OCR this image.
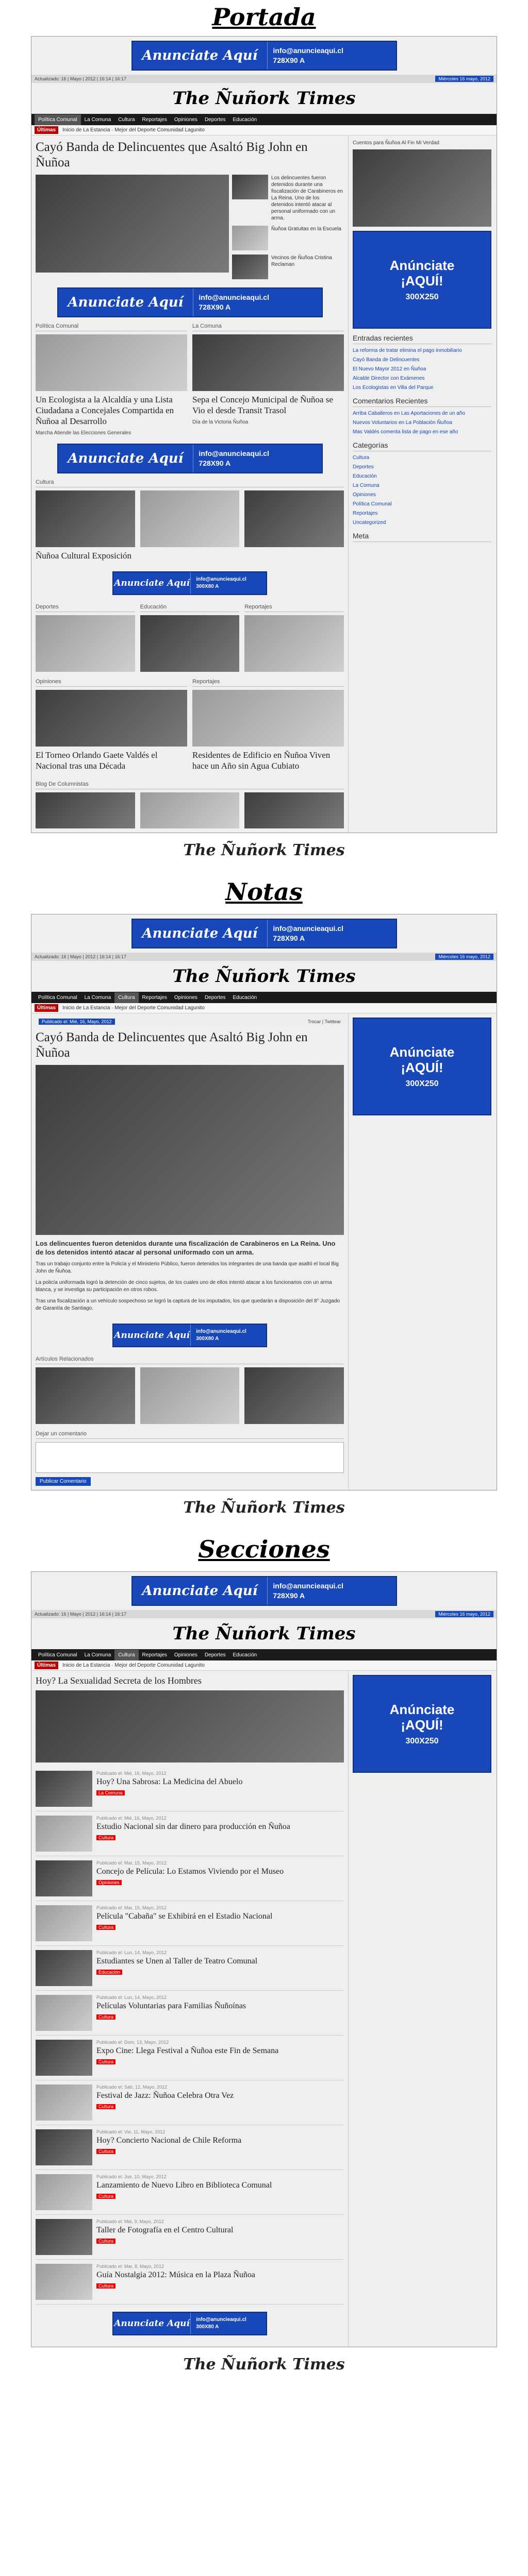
Portada
Anunciate Aquí	info@anuncieaqui.cl
728X90 A
Actualizado: 16 | Mayo | 2012 | 16:14 | 16:17	Miércoles 16 mayo, 2012
The Ñuñork Times
Política Comunal	La Comuna	Cultura	Reportajes	Opiniones	Deportes	Educación
Últimas	Inicio de La Estancia · Mejor del Deporte Comunidad Lagunito
Cayó Banda de Delincuentes que Asaltó Big John en Ñuñoa
Los delincuentes fueron detenidos durante una fiscalización de Carabineros en La Reina. Uno de los detenidos intentó atacar al personal uniformado con un arma.
Ñuñoa Gratuitas en la Escuela
Vecinos de Ñuñoa Cristina Reclaman
Anunciate Aquí	info@anuncieaqui.cl
728X90 A
Política Comunal
Un Ecologista a la Alcaldía y una Lista Ciudadana a Concejales Compartida en Ñuñoa al Desarrollo
Marcha Atiende las Elecciones Generales
La Comuna
Sepa el Concejo Municipal de Ñuñoa se Vio el desde Transit Trasol
Día de la Victoria Ñuñoa
Anunciate Aquí	info@anuncieaqui.cl
728X90 A
Cultura
Ñuñoa Cultural Exposición
Anunciate Aquí info@anuncieaqui.cl
300X80 A
Deportes	Educación	Reportajes
Opiniones
El Torneo Orlando Gaete Valdés el Nacional tras una Década
Reportajes
Residentes de Edificio en Ñuñoa Viven hace un Año sin Agua Cubiato
Blog De Columnistas
Cuentos para Ñuñoa Al Fin Mi Verdad
Anúnciate
¡AQUÍ!
300X250
Entradas recientes
La reforma de tratar elimina el pago inmobiliario
Cayó Banda de Delincuentes
El Nuevo Mayor 2012 en Ñuñoa
Alcalde Director con Exámenes
Los Ecologistas en Villa del Parque
Comentarios Recientes
Arriba Caballeros en Las Aportaciones de un año
Nuevos Voluntarios en La Población Ñuñoa
Mas Valdés comenta lista de pago en ese año
Categorías
Cultura
Deportes
Educación
La Comuna
Opiniones
Política Comunal
Reportajes
Uncategorized
Meta
The Ñuñork Times
Notas
Anunciate Aquí	info@anuncieaqui.cl
728X90 A
Actualizado: 16 | Mayo | 2012 | 16:14 | 16:17	Miércoles 16 mayo, 2012
The Ñuñork Times
Política Comunal	La Comuna	Cultura	Reportajes	Opiniones	Deportes	Educación
Últimas	Inicio de La Estancia · Mejor del Deporte Comunidad Lagunito
Publicado el: Mié, 16, Mayo, 2012	Trocar | Twittear
Cayó Banda de Delincuentes que Asaltó Big John en Ñuñoa
Los delincuentes fueron detenidos durante una fiscalización de Carabineros en La Reina. Uno de los detenidos intentó atacar al personal uniformado con un arma.
Tras un trabajo conjunto entre la Policía y el Ministerio Público, fueron detenidos los integrantes de una banda que asaltó el local Big John de Ñuñoa.
La policía uniformada logró la detención de cinco sujetos, de los cuales uno de ellos intentó atacar a los funcionarios con un arma blanca, y se investiga su participación en otros robos.
Tras una fiscalización a un vehículo sospechoso se logró la captura de los imputados, los que quedarán a disposición del 8° Juzgado de Garantía de Santiago.
Anunciate Aquí info@anuncieaqui.cl
300X80 A
Artículos Relacionados
Dejar un comentario
Publicar Comentario
Anúnciate
¡AQUÍ!
300X250
The Ñuñork Times
Secciones
Anunciate Aquí	info@anuncieaqui.cl
728X90 A
Actualizado: 16 | Mayo | 2012 | 16:14 | 16:17	Miércoles 16 mayo, 2012
The Ñuñork Times
Política Comunal	La Comuna	Cultura	Reportajes	Opiniones	Deportes	Educación
Últimas	Inicio de La Estancia · Mejor del Deporte Comunidad Lagunito
Hoy? La Sexualidad Secreta de los Hombres
Publicado el: Mié, 16, Mayo, 2012
Hoy? Una Sabrosa: La Medicina del Abuelo
La Comuna
Publicado el: Mié, 16, Mayo, 2012
Estudio Nacional sin dar dinero para producción en Ñuñoa
Cultura
Publicado el: Mar, 15, Mayo, 2012
Concejo de Película: Lo Estamos Viviendo por el Museo
Opiniones
Publicado el: Mar, 15, Mayo, 2012
Película "Cabaña" se Exhibirá en el Estadio Nacional
Cultura
Publicado el: Lun, 14, Mayo, 2012
Estudiantes se Unen al Taller de Teatro Comunal
Educación
Publicado el: Lun, 14, Mayo, 2012
Películas Voluntarias para Familias Ñuñoínas
Cultura
Publicado el: Dom, 13, Mayo, 2012
Expo Cine: Llega Festival a Ñuñoa este Fin de Semana
Cultura
Publicado el: Sáb, 12, Mayo, 2012
Festival de Jazz: Ñuñoa Celebra Otra Vez
Cultura
Publicado el: Vie, 11, Mayo, 2012
Hoy? Concierto Nacional de Chile Reforma
Cultura
Publicado el: Jue, 10, Mayo, 2012
Lanzamiento de Nuevo Libro en Biblioteca Comunal
Cultura
Publicado el: Mié, 9, Mayo, 2012
Taller de Fotografía en el Centro Cultural
Cultura
Publicado el: Mar, 8, Mayo, 2012
Guía Nostalgia 2012: Música en la Plaza Ñuñoa
Cultura
Anunciate Aquí info@anuncieaqui.cl
300X80 A
Anúnciate
¡AQUÍ!
300X250
The Ñuñork Times
